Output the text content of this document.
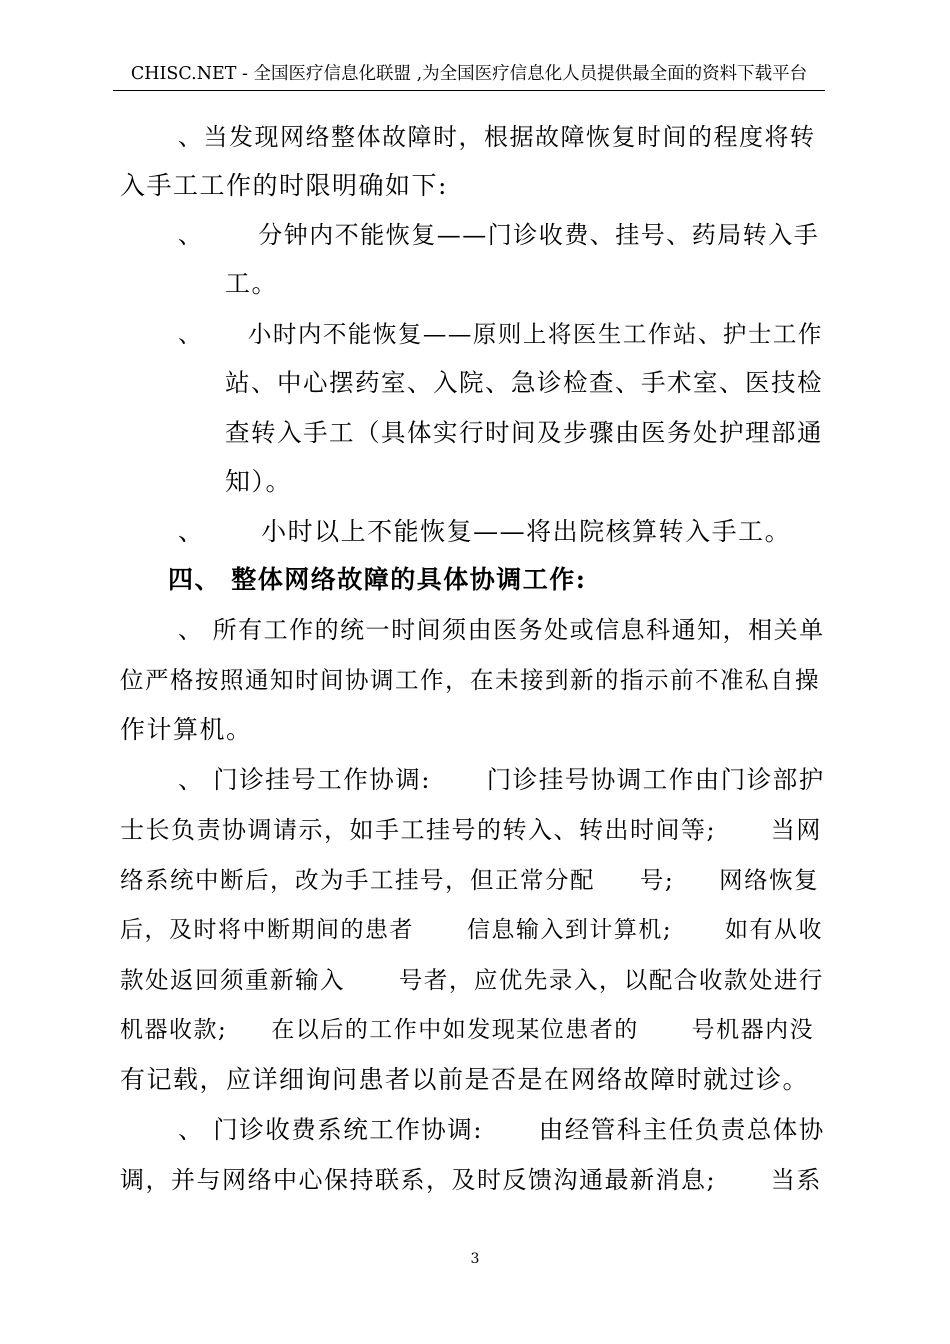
CHISC.NET - 全国医疗信息化联盟 ,为全国医疗信息化人员提供最全面的资料下载平台
、当发现网络整体故障时，根据故障恢复时间的程度将转
入手工工作的时限明确如下:
、      分钟内不能恢复——门诊收费、挂号、药局转入手
工。
、     小时内不能恢复——原则上将医生工作站、护士工作
站、中心摆药室、入院、急诊检查、手术室、医技检
查转入手工（具体实行时间及步骤由医务处护理部通
知）。
、      小时以上不能恢复——将出院核算转入手工。
四、 整体网络故障的具体协调工作:
、 所有工作的统一时间须由医务处或信息科通知，相关单
位严格按照通知时间协调工作，在未接到新的指示前不准私自操
作计算机。
、 门诊挂号工作协调:      门诊挂号协调工作由门诊部护
士长负责协调请示，如手工挂号的转入、转出时间等;      当网
络系统中断后，改为手工挂号，但正常分配     号;     网络恢复
后，及时将中断期间的患者      信息输入到计算机;      如有从收
款处返回须重新输入      号者，应优先录入，以配合收款处进行
机器收款;     在以后的工作中如发现某位患者的      号机器内没
有记载，应详细询问患者以前是否是在网络故障时就过诊。
、 门诊收费系统工作协调:      由经管科主任负责总体协
调，并与网络中心保持联系，及时反馈沟通最新消息;      当系
3
